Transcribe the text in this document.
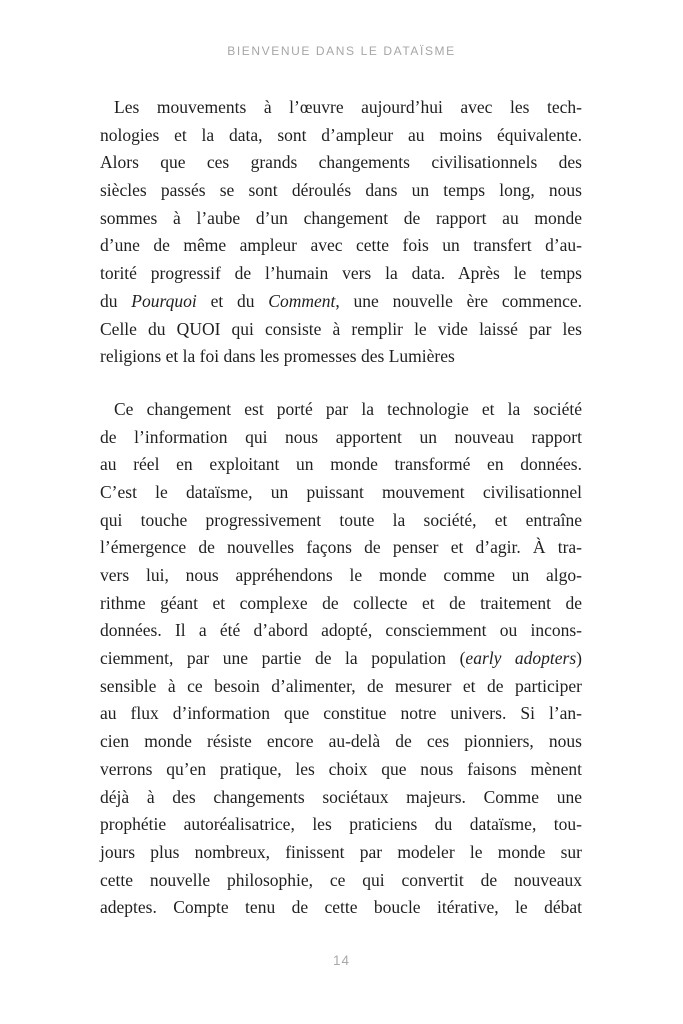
BIENVENUE DANS LE DATAÏSME
Les mouvements à l’œuvre aujourd’hui avec les tech-
nologies et la data, sont d’ampleur au moins équivalente.
Alors que ces grands changements civilisationnels des
siècles passés se sont déroulés dans un temps long, nous
sommes à l’aube d’un changement de rapport au monde
d’une de même ampleur avec cette fois un transfert d’au-
torité progressif de l’humain vers la data. Après le temps
du Pourquoi et du Comment, une nouvelle ère commence.
Celle du QUOI qui consiste à remplir le vide laissé par les
religions et la foi dans les promesses des Lumières
Ce changement est porté par la technologie et la société
de l’information qui nous apportent un nouveau rapport
au réel en exploitant un monde transformé en données.
C’est le dataïsme, un puissant mouvement civilisationnel
qui touche progressivement toute la société, et entraîne
l’émergence de nouvelles façons de penser et d’agir. À tra-
vers lui, nous appréhendons le monde comme un algo-
rithme géant et complexe de collecte et de traitement de
données. Il a été d’abord adopté, consciemment ou incons-
ciemment, par une partie de la population (early adopters)
sensible à ce besoin d’alimenter, de mesurer et de participer
au flux d’information que constitue notre univers. Si l’an-
cien monde résiste encore au-delà de ces pionniers, nous
verrons qu’en pratique, les choix que nous faisons mènent
déjà à des changements sociétaux majeurs. Comme une
prophétie autoréalisatrice, les praticiens du dataïsme, tou-
jours plus nombreux, finissent par modeler le monde sur
cette nouvelle philosophie, ce qui convertit de nouveaux
adeptes. Compte tenu de cette boucle itérative, le débat
14
